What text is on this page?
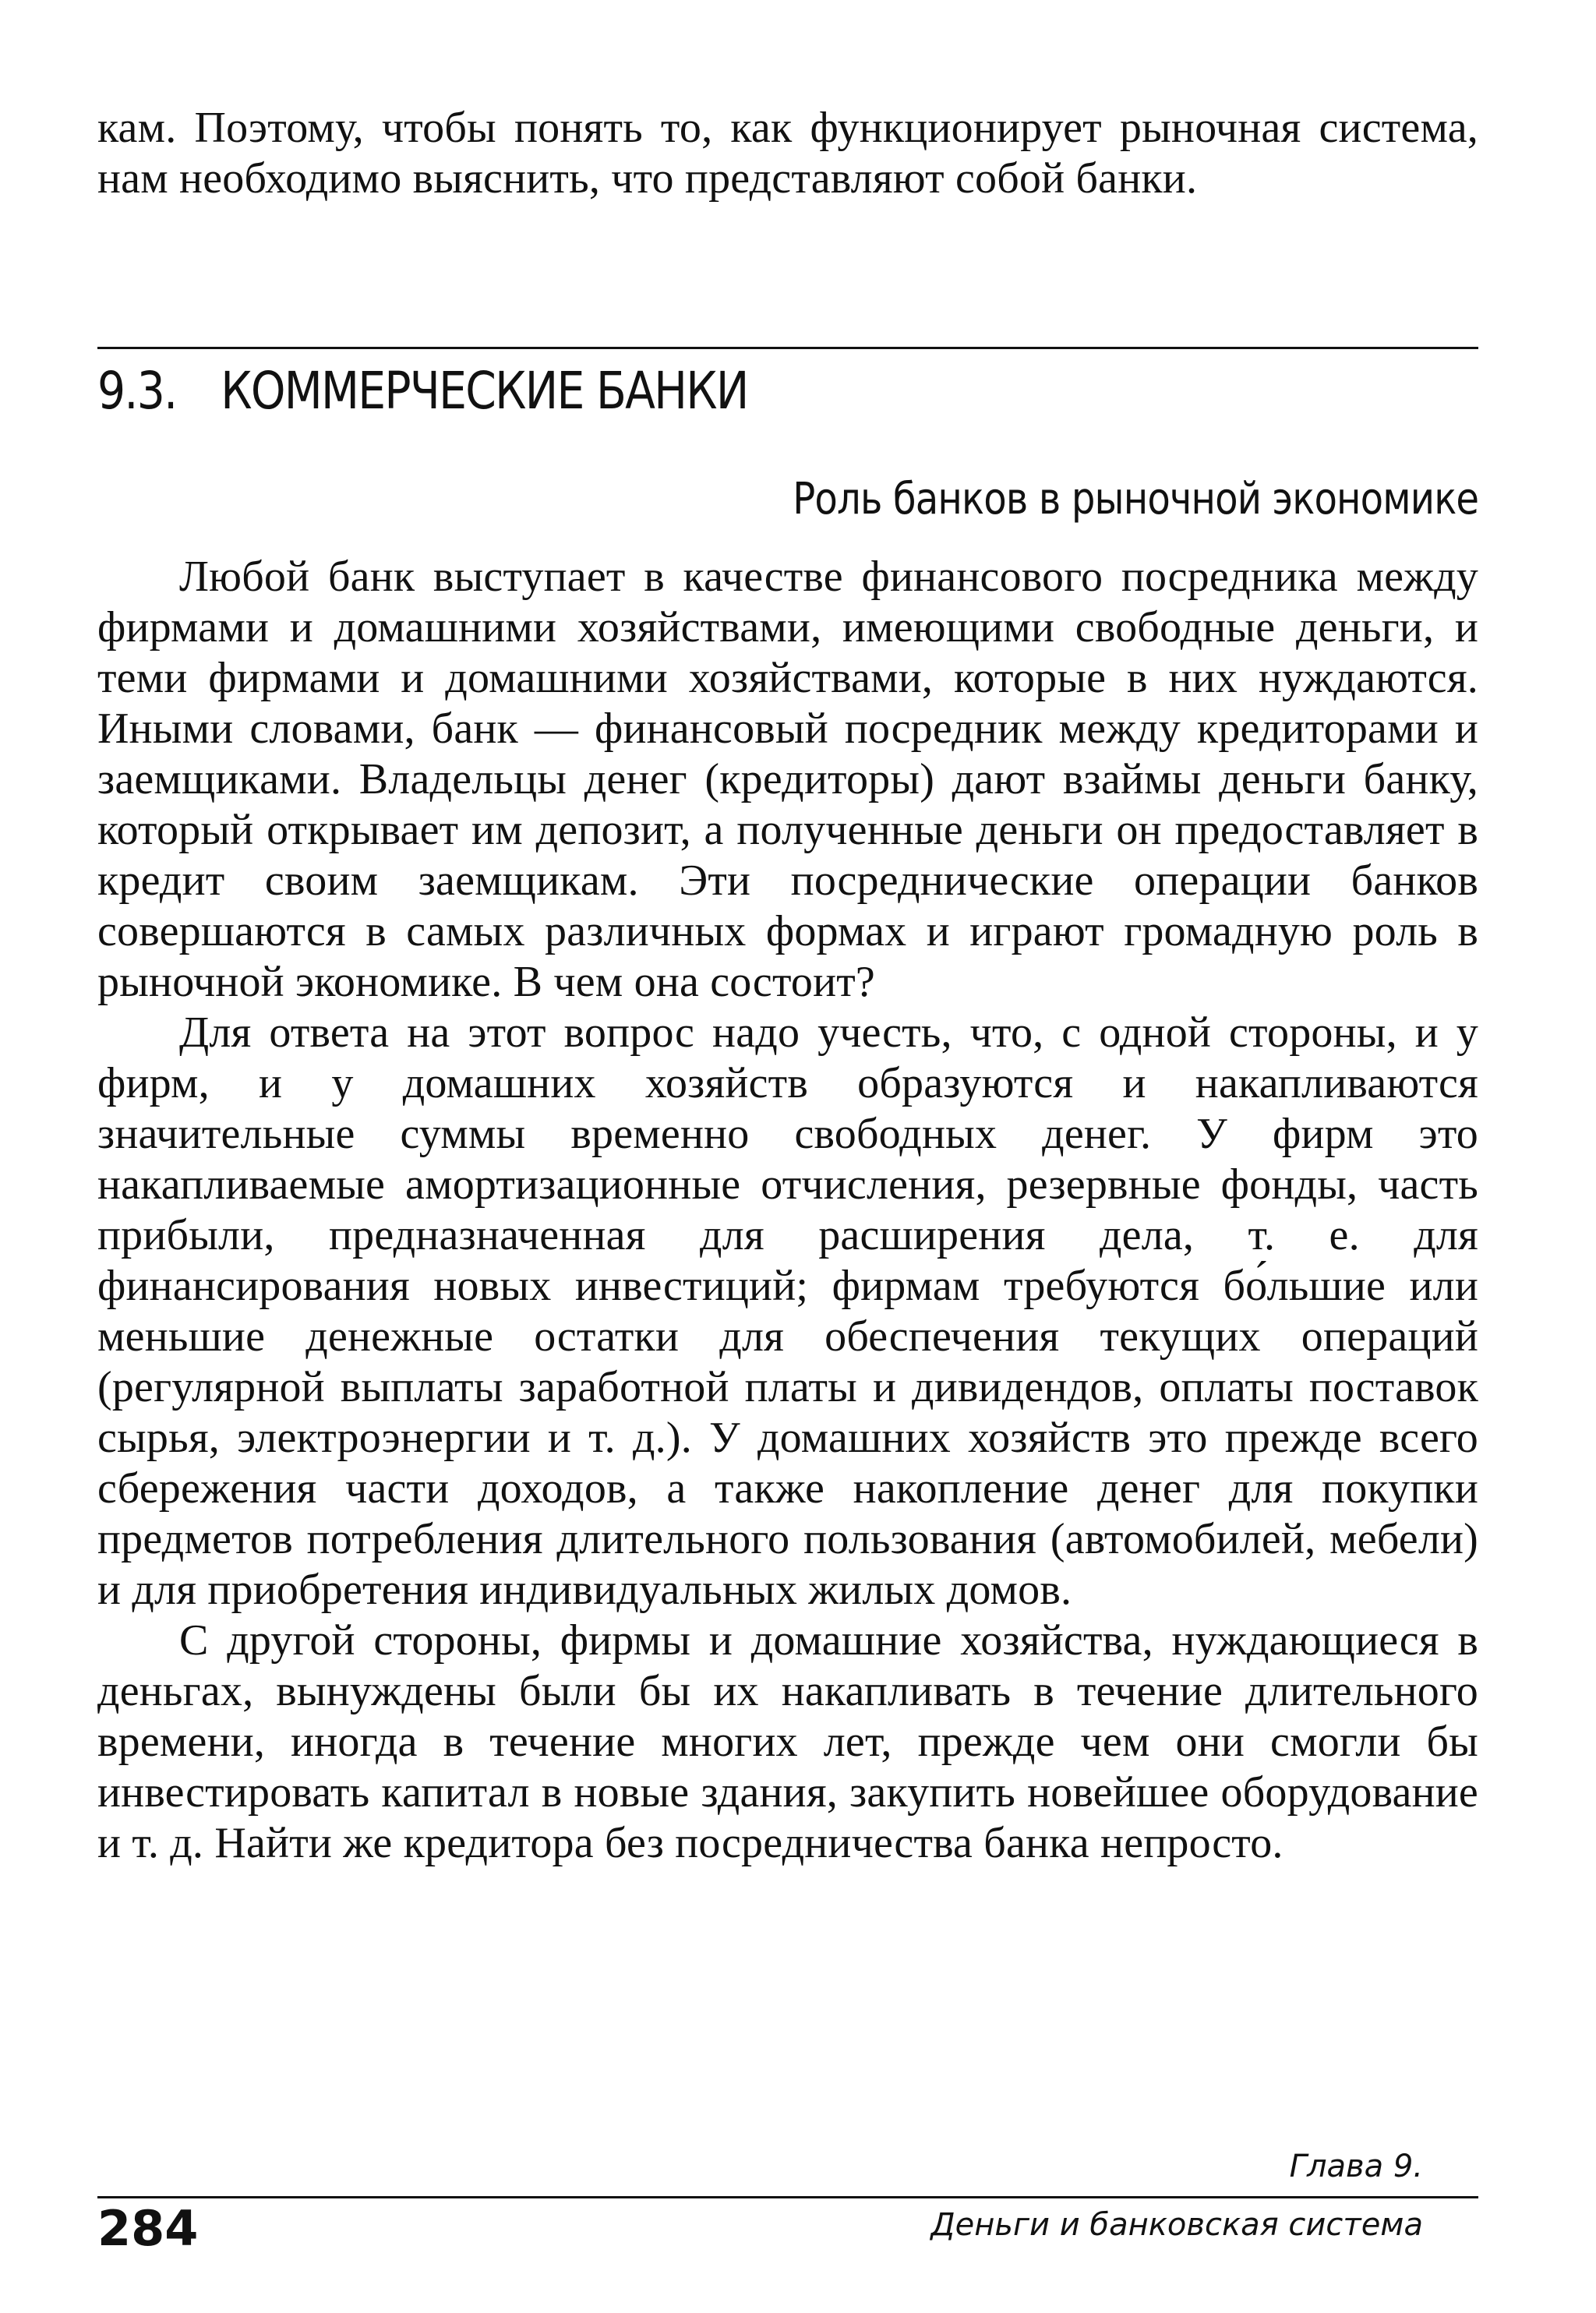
кам. Поэтому, чтобы понять то, как функционирует рыночная система, нам необходимо выяснить, что представляют собой банки.

9.3. КОММЕРЧЕСКИЕ БАНКИ
Роль банков в рыночной экономике

Любой банк выступает в качестве финансового посредника между фирмами и домашними хозяйствами, имеющими свободные деньги, и теми фирмами и домашними хозяйствами, которые в них нуждаются. Иными словами, банк — финансовый посредник между кредиторами и заемщиками. Владельцы денег (кредиторы) дают взаймы деньги банку, который открывает им депозит, а полученные деньги он предоставляет в кредит своим заемщикам. Эти посреднические операции банков совершаются в самых различных формах и играют громадную роль в рыночной экономике. В чем она состоит?

Для ответа на этот вопрос надо учесть, что, с одной стороны, и у фирм, и у домашних хозяйств образуются и накапливаются значительные суммы временно свободных денег. У фирм это накапливаемые амортизационные отчисления, резервные фонды, часть прибыли, предназначенная для расширения дела, т. е. для финансирования новых инвестиций; фирмам требуются бо́льшие или меньшие денежные остатки для обеспечения текущих операций (регулярной выплаты заработной платы и дивидендов, оплаты поставок сырья, электроэнергии и т. д.). У домашних хозяйств это прежде всего сбережения части доходов, а также накопление денег для покупки предметов потребления длительного пользования (автомобилей, мебели) и для приобретения индивидуальных жилых домов.

С другой стороны, фирмы и домашние хозяйства, нуждающиеся в деньгах, вынуждены были бы их накапливать в течение длительного времени, иногда в течение многих лет, прежде чем они смогли бы инвестировать капитал в новые здания, закупить новейшее оборудование и т. д. Найти же кредитора без посредничества банка непросто.

Глава 9.
284	Деньги и банковская система
